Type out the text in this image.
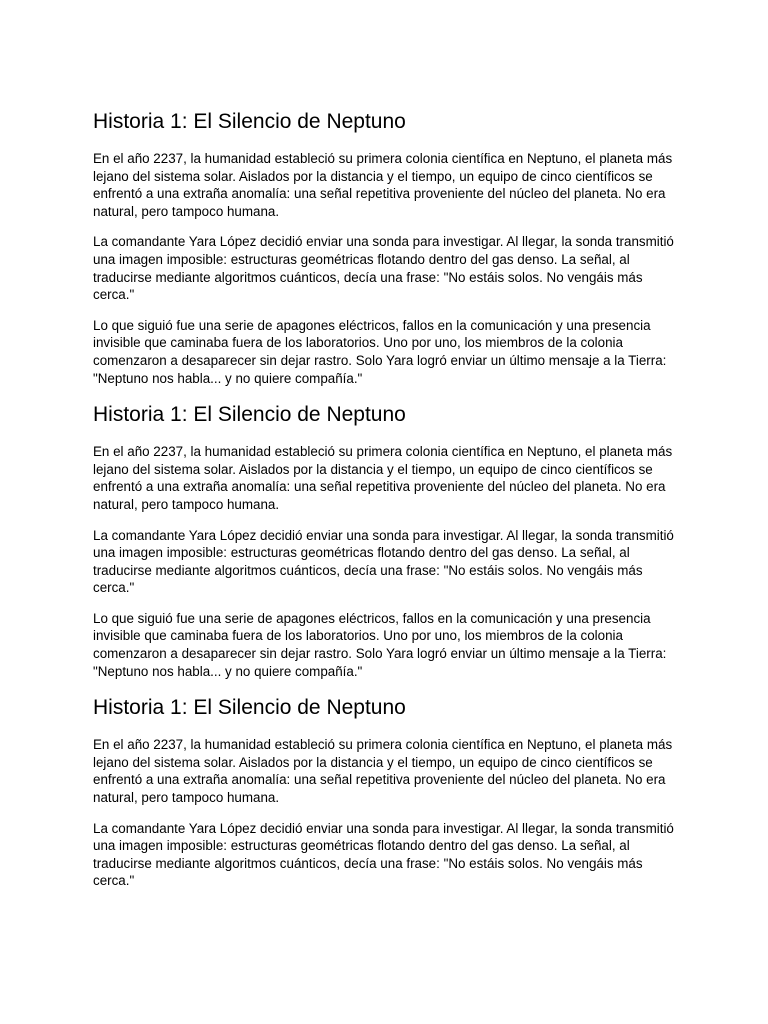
Historia 1: El Silencio de Neptuno

En el año 2237, la humanidad estableció su primera colonia científica en Neptuno, el planeta más lejano del sistema solar. Aislados por la distancia y el tiempo, un equipo de cinco científicos se enfrentó a una extraña anomalía: una señal repetitiva proveniente del núcleo del planeta. No era natural, pero tampoco humana.

La comandante Yara López decidió enviar una sonda para investigar. Al llegar, la sonda transmitió una imagen imposible: estructuras geométricas flotando dentro del gas denso. La señal, al traducirse mediante algoritmos cuánticos, decía una frase: "No estáis solos. No vengáis más cerca."

Lo que siguió fue una serie de apagones eléctricos, fallos en la comunicación y una presencia invisible que caminaba fuera de los laboratorios. Uno por uno, los miembros de la colonia comenzaron a desaparecer sin dejar rastro. Solo Yara logró enviar un último mensaje a la Tierra: "Neptuno nos habla... y no quiere compañía."

Historia 1: El Silencio de Neptuno

En el año 2237, la humanidad estableció su primera colonia científica en Neptuno, el planeta más lejano del sistema solar. Aislados por la distancia y el tiempo, un equipo de cinco científicos se enfrentó a una extraña anomalía: una señal repetitiva proveniente del núcleo del planeta. No era natural, pero tampoco humana.

La comandante Yara López decidió enviar una sonda para investigar. Al llegar, la sonda transmitió una imagen imposible: estructuras geométricas flotando dentro del gas denso. La señal, al traducirse mediante algoritmos cuánticos, decía una frase: "No estáis solos. No vengáis más cerca."

Lo que siguió fue una serie de apagones eléctricos, fallos en la comunicación y una presencia invisible que caminaba fuera de los laboratorios. Uno por uno, los miembros de la colonia comenzaron a desaparecer sin dejar rastro. Solo Yara logró enviar un último mensaje a la Tierra: "Neptuno nos habla... y no quiere compañía."

Historia 1: El Silencio de Neptuno

En el año 2237, la humanidad estableció su primera colonia científica en Neptuno, el planeta más lejano del sistema solar. Aislados por la distancia y el tiempo, un equipo de cinco científicos se enfrentó a una extraña anomalía: una señal repetitiva proveniente del núcleo del planeta. No era natural, pero tampoco humana.

La comandante Yara López decidió enviar una sonda para investigar. Al llegar, la sonda transmitió una imagen imposible: estructuras geométricas flotando dentro del gas denso. La señal, al traducirse mediante algoritmos cuánticos, decía una frase: "No estáis solos. No vengáis más cerca."
